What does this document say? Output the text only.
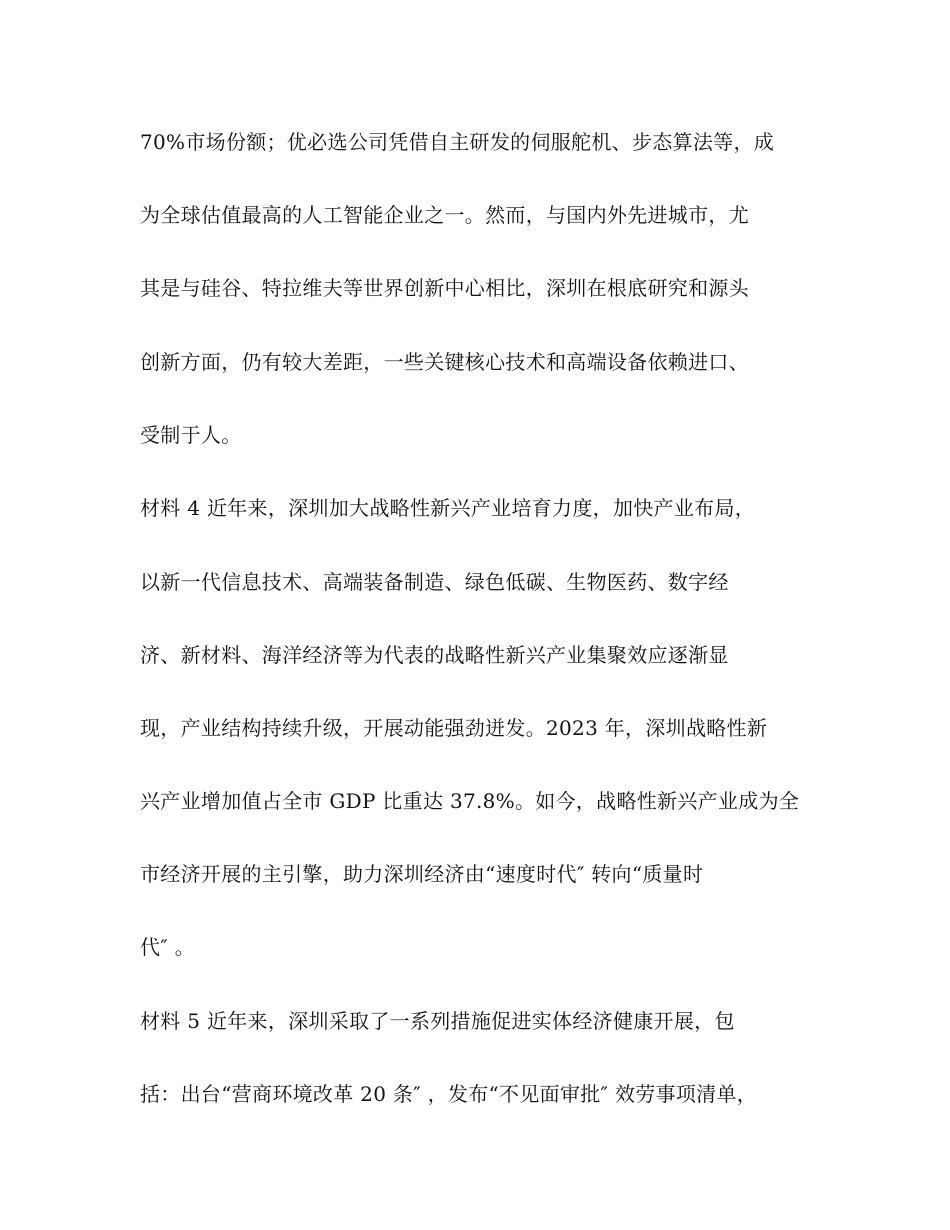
70%市场份额；优必选公司凭借自主研发的伺服舵机、步态算法等，成
为全球估值最高的人工智能企业之一。然而，与国内外先进城市，尤
其是与硅谷、特拉维夫等世界创新中心相比，深圳在根底研究和源头
创新方面，仍有较大差距，一些关键核心技术和高端设备依赖进口、
受制于人。
材料 4 近年来，深圳加大战略性新兴产业培育力度，加快产业布局，
以新一代信息技术、高端装备制造、绿色低碳、生物医药、数字经
济、新材料、海洋经济等为代表的战略性新兴产业集聚效应逐渐显
现，产业结构持续升级，开展动能强劲迸发。2023 年，深圳战略性新
兴产业增加值占全市 GDP 比重达 37.8%。如今，战略性新兴产业成为全
市经济开展的主引擎，助力深圳经济由“速度时代″ 转向“质量时
代″ 。
材料 5 近年来，深圳采取了一系列措施促进实体经济健康开展，包
括：出台“营商环境改革 20 条″ ，发布“不见面审批″ 效劳事项清单，
